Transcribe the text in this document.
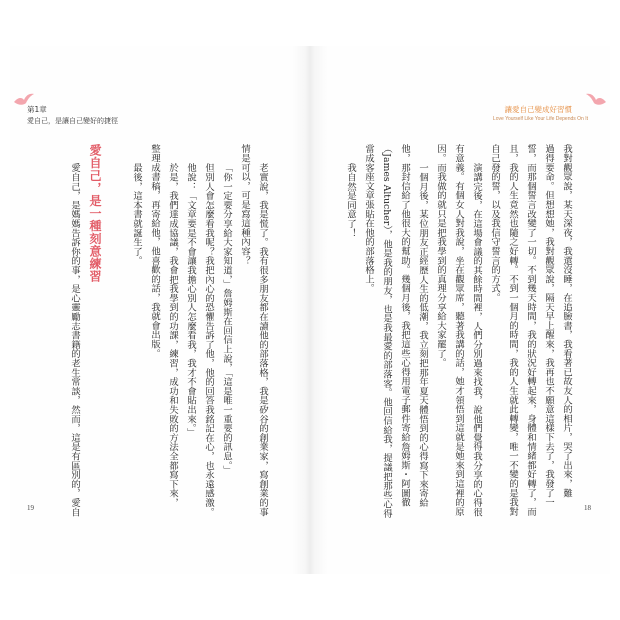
第1章
愛自己，是讓自己變好的捷徑
讓愛自己變成好習慣
Love Yourself Like Your Life Depends On It
老實說，我是慌了。我有很多朋友都在讀他的部落格，我是矽谷的創業家，寫創業的事
情是可以，可是寫這種內容？
「你一定要分享給大家知道，」詹姆斯在回信上說，「這是唯一重要的訊息。」
但別人會怎麼看我呢？我把內心的恐懼告訴了他，他的回答我銘記在心，也永遠感激。
他說：「文章要是不會讓我擔心別人怎麼看我，我才不會貼出來。」
於是，我們達成協議，我會把我學到的功課，練習，成功和失敗的方法全都寫下來，
整理成書稿，再寄給他，他喜歡的話，我就會出版。
最後，這本書就誕生了。
愛自己，是一種刻意練習
愛自己，是媽媽告訴你的事，是心靈勵志書籍的老生常談，然而，這是有區別的，愛自	我對觀眾說，某天深夜，我還沒睡，在追臉書，我看著已故友人的相片，哭了出來，難
過得要命。但想想她，我對觀眾說，隔天早上醒來，我再也不願意這樣下去了，我發了一
誓，而那個誓言改變了一切。不到幾天時間，我的狀況好轉起來，身體和情緒都好轉了，而
且，我的人生竟然也隨之好轉。不到一個月的時間，我的人生就此轉變，唯一不變的是我對
自己發的誓，以及我信守誓言的方式。
演講完後，在這場會議的其餘時間裡，人們分別過來找我，說他們覺得我分享的心得很
有意義。有個女人對我說，坐在觀眾席，聽著我講的話，她才領悟到這就是她來到這裡的原
因。而我做的就只是把我學到的真理分享給大家罷了。
一個月後，某位朋友正經歷人生的低潮，我立刻把那年夏天體悟到的心得寫下來寄給
他，那封信給了他很大的幫助。幾個月後，我把這些心得用電子郵件寄給詹姆斯・阿圖徹
（James Altucher），他是我的朋友，也是我最愛的部落客。他回信給我，提議把那些心得
當成客座文章張貼在他的部落格上。
我自然是同意了！
19	18
